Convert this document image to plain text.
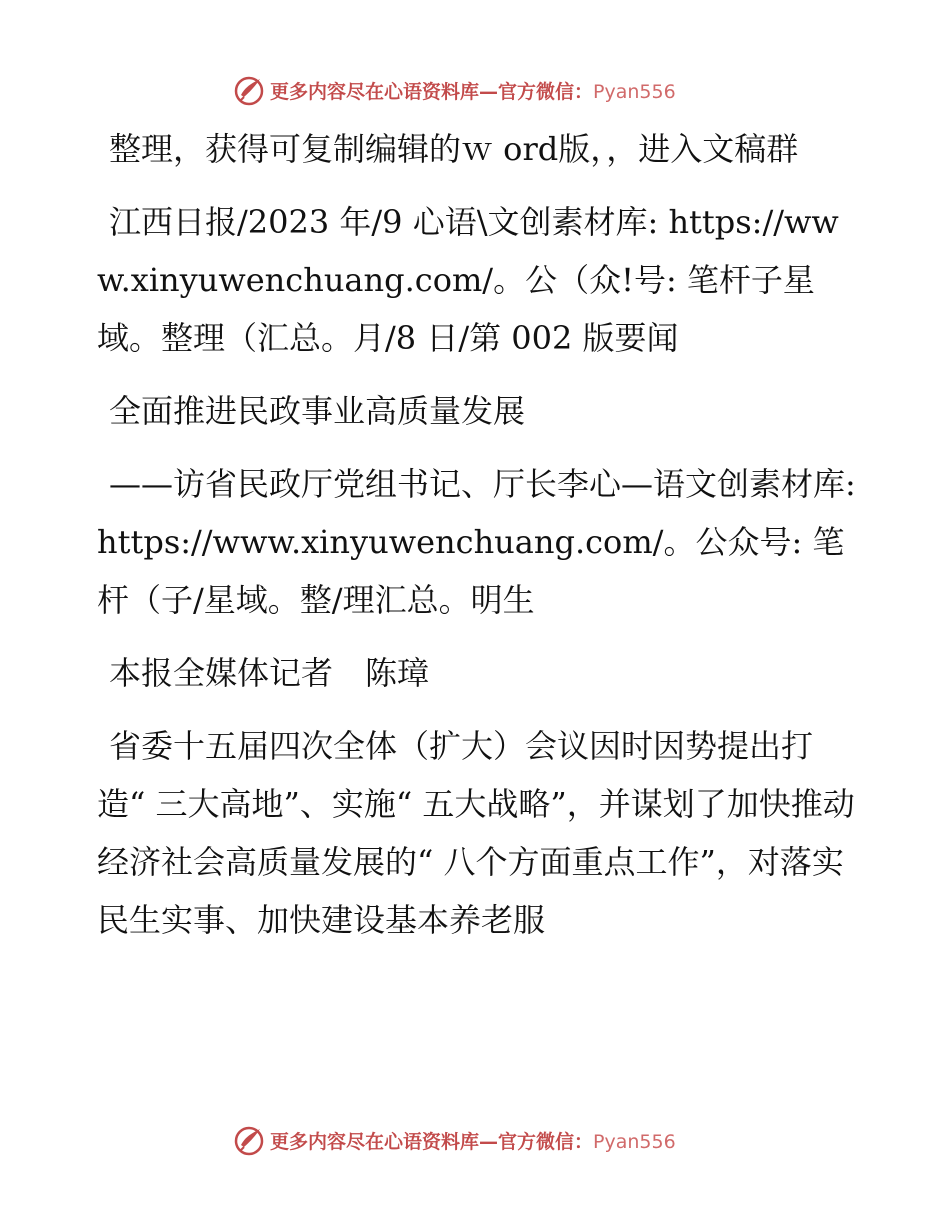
更多内容尽在心语资料库—官方微信：Pyan556

整理，获得可复制编辑的ｗ ord版，，进入文稿群

江西日报/2023 年/9 心语\文创素材库: https://www.xinyuwenchuang.com/。公（众!号: 笔杆子星域。整理（汇总。月/8 日/第 002 版要闻

全面推进民政事业高质量发展

——访省民政厅党组书记、厅长李心—语文创素材库: https://www.xinyuwenchuang.com/。公众号: 笔杆（子/星域。整/理汇总。明生

本报全媒体记者　陈璋

省委十五届四次全体（扩大）会议因时因势提出打造“ 三大高地”、实施“ 五大战略”，并谋划了加快推动经济社会高质量发展的“ 八个方面重点工作”，对落实民生实事、加快建设基本养老服

更多内容尽在心语资料库—官方微信：Pyan556
